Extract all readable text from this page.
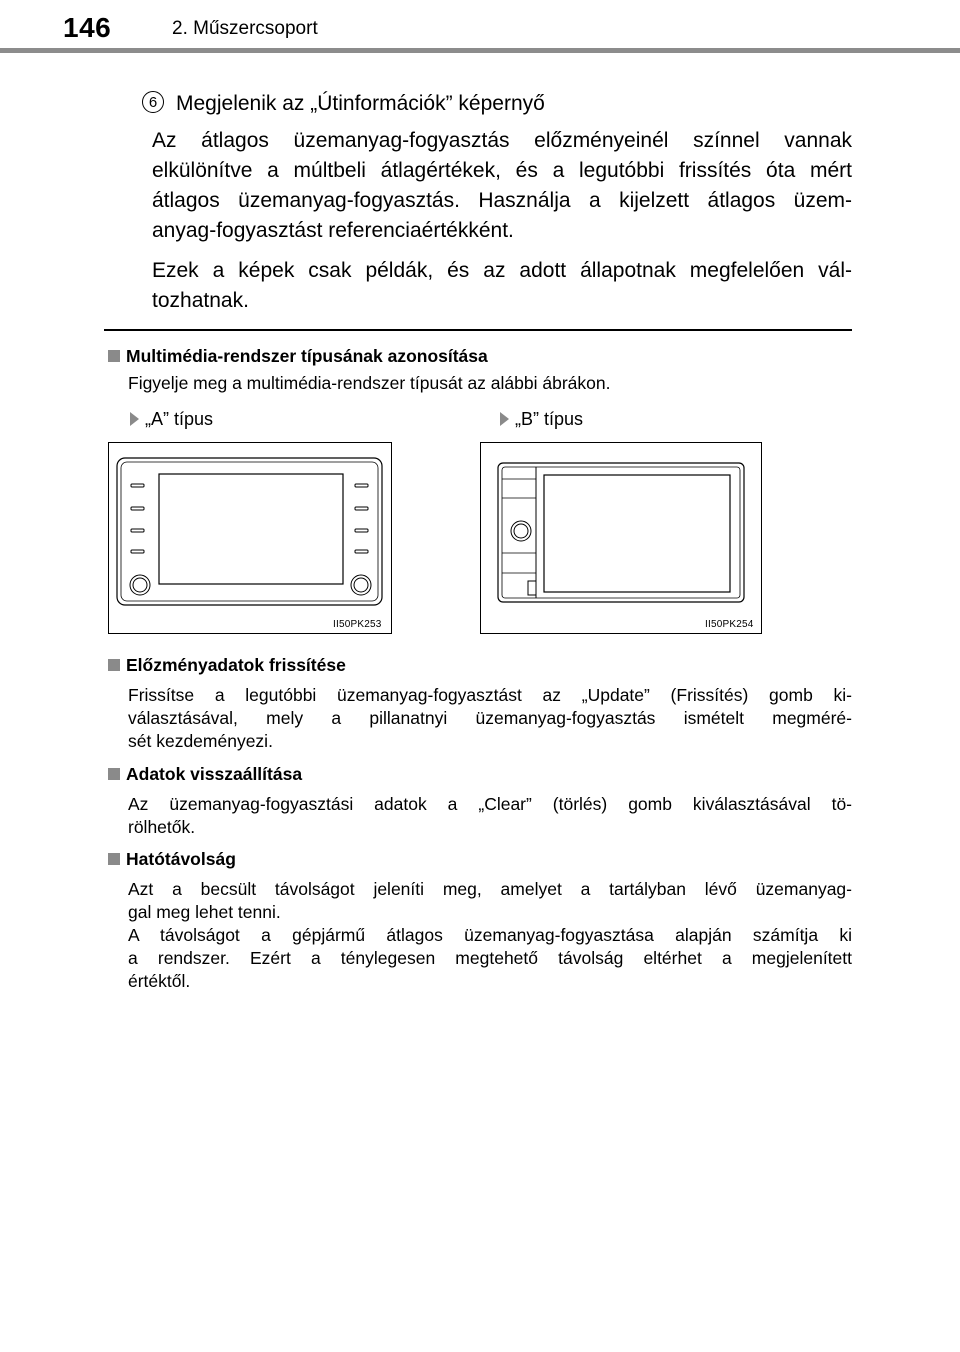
146	2. Műszercsoport
6 Megjelenik az „Útinformációk” képernyő

Az átlagos üzemanyag-fogyasztás előzményeinél színnel vannak

elkülönítve a múltbeli átlagértékek, és a legutóbbi frissítés óta mért

átlagos üzemanyag-fogyasztás. Használja a kijelzett átlagos üzem-

anyag-fogyasztást referenciaértékként.

Ezek a képek csak példák, és az adott állapotnak megfelelően vál-

tozhatnak.

Multimédia-rendszer típusának azonosítása

Figyelje meg a multimédia-rendszer típusát az alábbi ábrákon.

„A” típus	„B” típus
II50PK253	II50PK254
Előzményadatok frissítése

Frissítse a legutóbbi üzemanyag-fogyasztást az „Update” (Frissítés) gomb ki-

választásával, mely a pillanatnyi üzemanyag-fogyasztás ismételt megméré-

sét kezdeményezi.

Adatok visszaállítása

Az üzemanyag-fogyasztási adatok a „Clear” (törlés) gomb kiválasztásával tö-

rölhetők.

Hatótávolság

Azt a becsült távolságot jeleníti meg, amelyet a tartályban lévő üzemanyag-

gal meg lehet tenni.

A távolságot a gépjármű átlagos üzemanyag-fogyasztása alapján számítja ki

a rendszer. Ezért a ténylegesen megtehető távolság eltérhet a megjelenített

értéktől.
